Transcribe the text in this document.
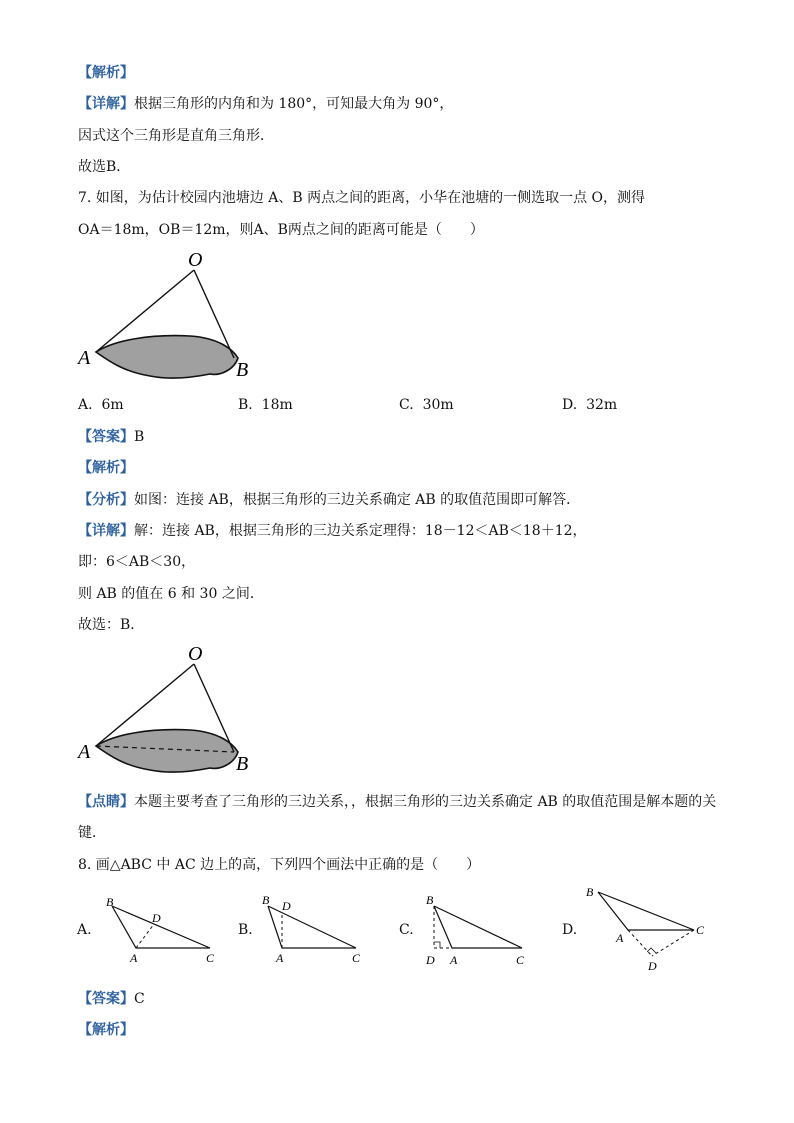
【解析】
【详解】根据三角形的内角和为 180°，可知最大角为 90°，
因式这个三角形是直角三角形．
故选B．
7. 如图，为估计校园内池塘边 A、B 两点之间的距离，小华在池塘的一侧选取一点 O，测得
OA＝18m，OB＝12m，则A、B两点之间的距离可能是（　　）
O
A
B
A. 6m	B. 18m	C. 30m	D. 32m
【答案】B
【解析】
【分析】如图：连接 AB，根据三角形的三边关系确定 AB 的取值范围即可解答．
【详解】解：连接 AB，根据三角形的三边关系定理得：18－12＜AB＜18＋12，
即：6＜AB＜30，
则 AB 的值在 6 和 30 之间．
故选：B．
O
A
B
【点睛】本题主要考查了三角形的三边关系，，根据三角形的三边关系确定 AB 的取值范围是解本题的关
键．
8. 画△ABC 中 AC 边上的高，下列四个画法中正确的是（　　）
A.
B
D
A	C
B.
B D
A	C
C.
B
D A	C
D.
B
A
C
D
【答案】C
【解析】
